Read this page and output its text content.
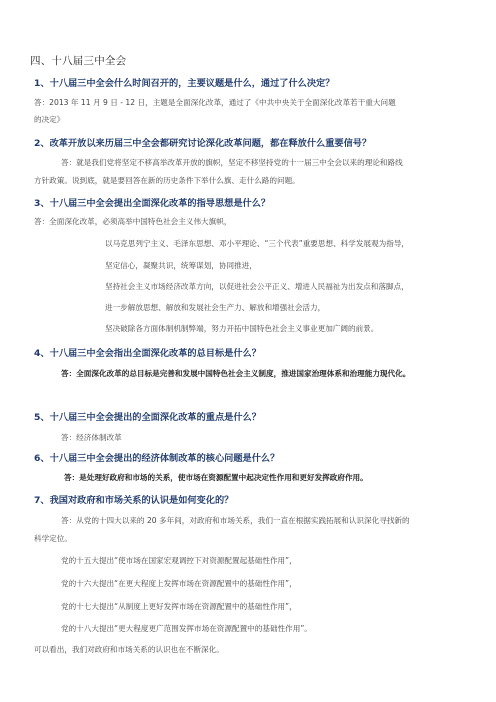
四、十八届三中全会
1、十八届三中全会什么时间召开的，主要议题是什么，通过了什么决定？
答：2013 年 11 月 9 日 - 12 日，主题是全面深化改革，通过了《中共中央关于全面深化改革若干重大问题
的决定》
2、改革开放以来历届三中全会都研究讨论深化改革问题，都在释放什么重要信号？
答：就是我们党将坚定不移高举改革开放的旗帜，坚定不移坚持党的十一届三中全会以来的理论和路线
方针政策。说到底，就是要回答在新的历史条件下举什么旗、走什么路的问题。
3、十八届三中全会提出全面深化改革的指导思想是什么？
答：全面深化改革，必须高举中国特色社会主义伟大旗帜，
以马克思列宁主义、毛泽东思想、邓小平理论、“三个代表”重要思想、科学发展观为指导，
坚定信心，凝聚共识，统筹谋划，协同推进，
坚持社会主义市场经济改革方向，以促进社会公平正义、增进人民福祉为出发点和落脚点，
进一步解放思想、解放和发展社会生产力、解放和增强社会活力，
坚决破除各方面体制机制弊端，努力开拓中国特色社会主义事业更加广阔的前景。
4、十八届三中全会指出全面深化改革的总目标是什么？
答：全面深化改革的总目标是完善和发展中国特色社会主义制度，推进国家治理体系和治理能力现代化。
5、十八届三中全会提出的全面深化改革的重点是什么？
答：经济体制改革
6、十八届三中全会提出的经济体制改革的核心问题是什么？
答：是处理好政府和市场的关系，使市场在资源配置中起决定性作用和更好发挥政府作用。
7、我国对政府和市场关系的认识是如何变化的？
答：从党的十四大以来的 20 多年间，对政府和市场关系，我们一直在根据实践拓展和认识深化寻找新的
科学定位。
党的十五大提出“使市场在国家宏观调控下对资源配置起基础性作用”，
党的十六大提出“在更大程度上发挥市场在资源配置中的基础性作用”，
党的十七大提出“从制度上更好发挥市场在资源配置中的基础性作用”，
党的十八大提出“更大程度更广范围发挥市场在资源配置中的基础性作用”。
可以看出，我们对政府和市场关系的认识也在不断深化。
